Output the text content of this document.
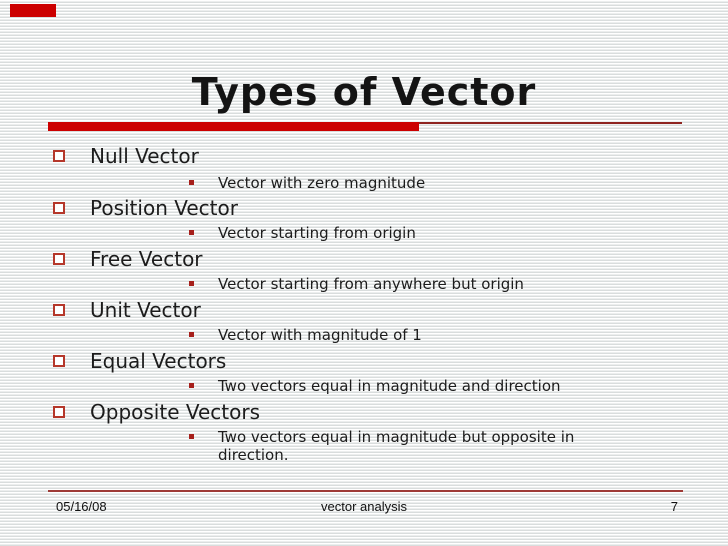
Types of Vector
Null Vector
Vector with zero magnitude
Position Vector
Vector starting from origin
Free Vector
Vector starting from anywhere but origin
Unit Vector
Vector with magnitude of 1
Equal Vectors
Two vectors equal in magnitude and direction
Opposite Vectors
Two vectors equal in magnitude but opposite in direction.
05/16/08	vector analysis	7
